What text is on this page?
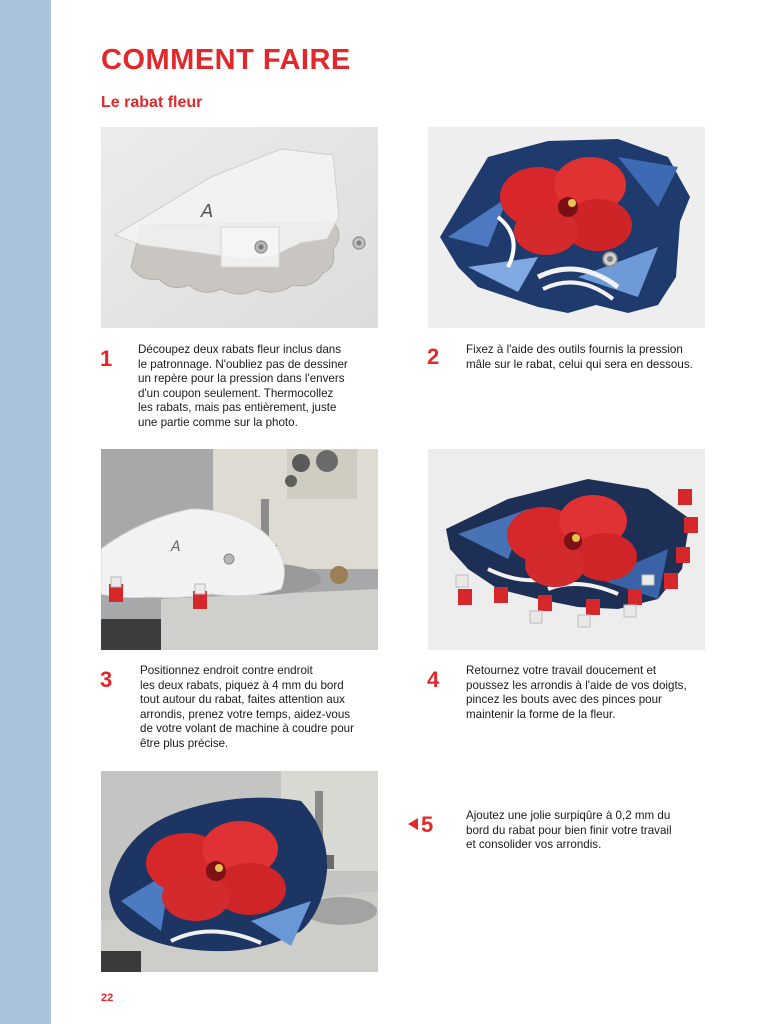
COMMENT FAIRE
Le rabat fleur
A
A
1 Découpez deux rabats fleur inclus dans
le patronnage. N'oubliez pas de dessiner
un repère pour la pression dans l'envers
d'un coupon seulement. Thermocollez
les rabats, mais pas entièrement, juste
une partie comme sur la photo.

2 Fixez à l'aide des outils fournis la pression
mâle sur le rabat, celui qui sera en dessous.

3 Positionnez endroit contre endroit
les deux rabats, piquez à 4 mm du bord
tout autour du rabat, faites attention aux
arrondis, prenez votre temps, aidez-vous
de votre volant de machine à coudre pour
être plus précise.

4 Retournez votre travail doucement et
poussez les arrondis à l'aide de vos doigts,
pincez les bouts avec des pinces pour
maintenir la forme de la fleur.

5	Ajoutez une jolie surpiqûre à 0,2 mm du
bord du rabat pour bien finir votre travail
et consolider vos arrondis.

22
